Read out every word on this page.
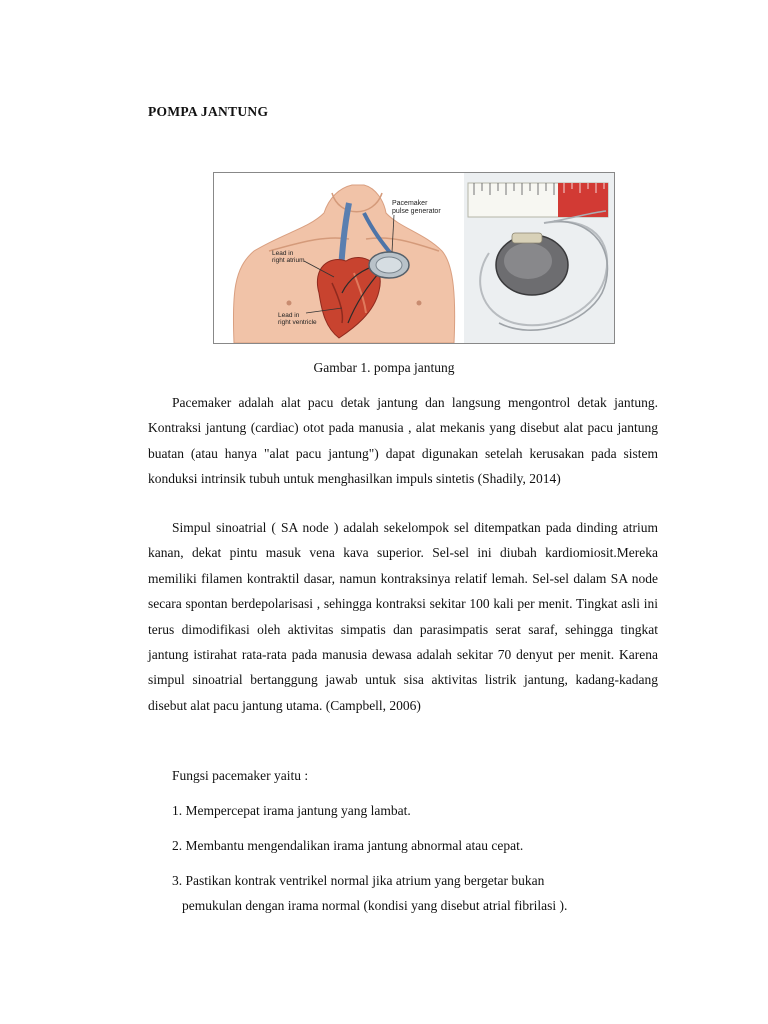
POMPA JANTUNG
Pacemaker
pulse generator
Lead in
right atrium
Lead in
right ventricle
Gambar 1. pompa jantung
Pacemaker adalah alat pacu detak jantung dan langsung mengontrol detak jantung. Kontraksi jantung (cardiac) otot pada manusia , alat mekanis yang disebut alat pacu jantung buatan (atau hanya "alat pacu jantung") dapat digunakan setelah kerusakan pada sistem konduksi intrinsik tubuh untuk menghasilkan impuls sintetis (Shadily, 2014)
Simpul sinoatrial ( SA node ) adalah sekelompok sel ditempatkan pada dinding atrium kanan, dekat pintu masuk vena kava superior. Sel-sel ini diubah kardiomiosit.Mereka memiliki filamen kontraktil dasar, namun kontraksinya relatif lemah. Sel-sel dalam SA node secara spontan berdepolarisasi , sehingga kontraksi sekitar 100 kali per menit. Tingkat asli ini terus dimodifikasi oleh aktivitas simpatis dan parasimpatis serat saraf, sehingga tingkat jantung istirahat rata-rata pada manusia dewasa adalah sekitar 70 denyut per menit. Karena simpul sinoatrial bertanggung jawab untuk sisa aktivitas listrik jantung, kadang-kadang disebut alat pacu jantung utama. (Campbell, 2006)
Fungsi pacemaker yaitu :
1. Mempercepat irama jantung yang lambat.
2. Membantu mengendalikan irama jantung abnormal atau cepat.
3. Pastikan kontrak ventrikel normal jika atrium yang bergetar bukan
pemukulan dengan irama normal (kondisi yang disebut atrial fibrilasi ).
